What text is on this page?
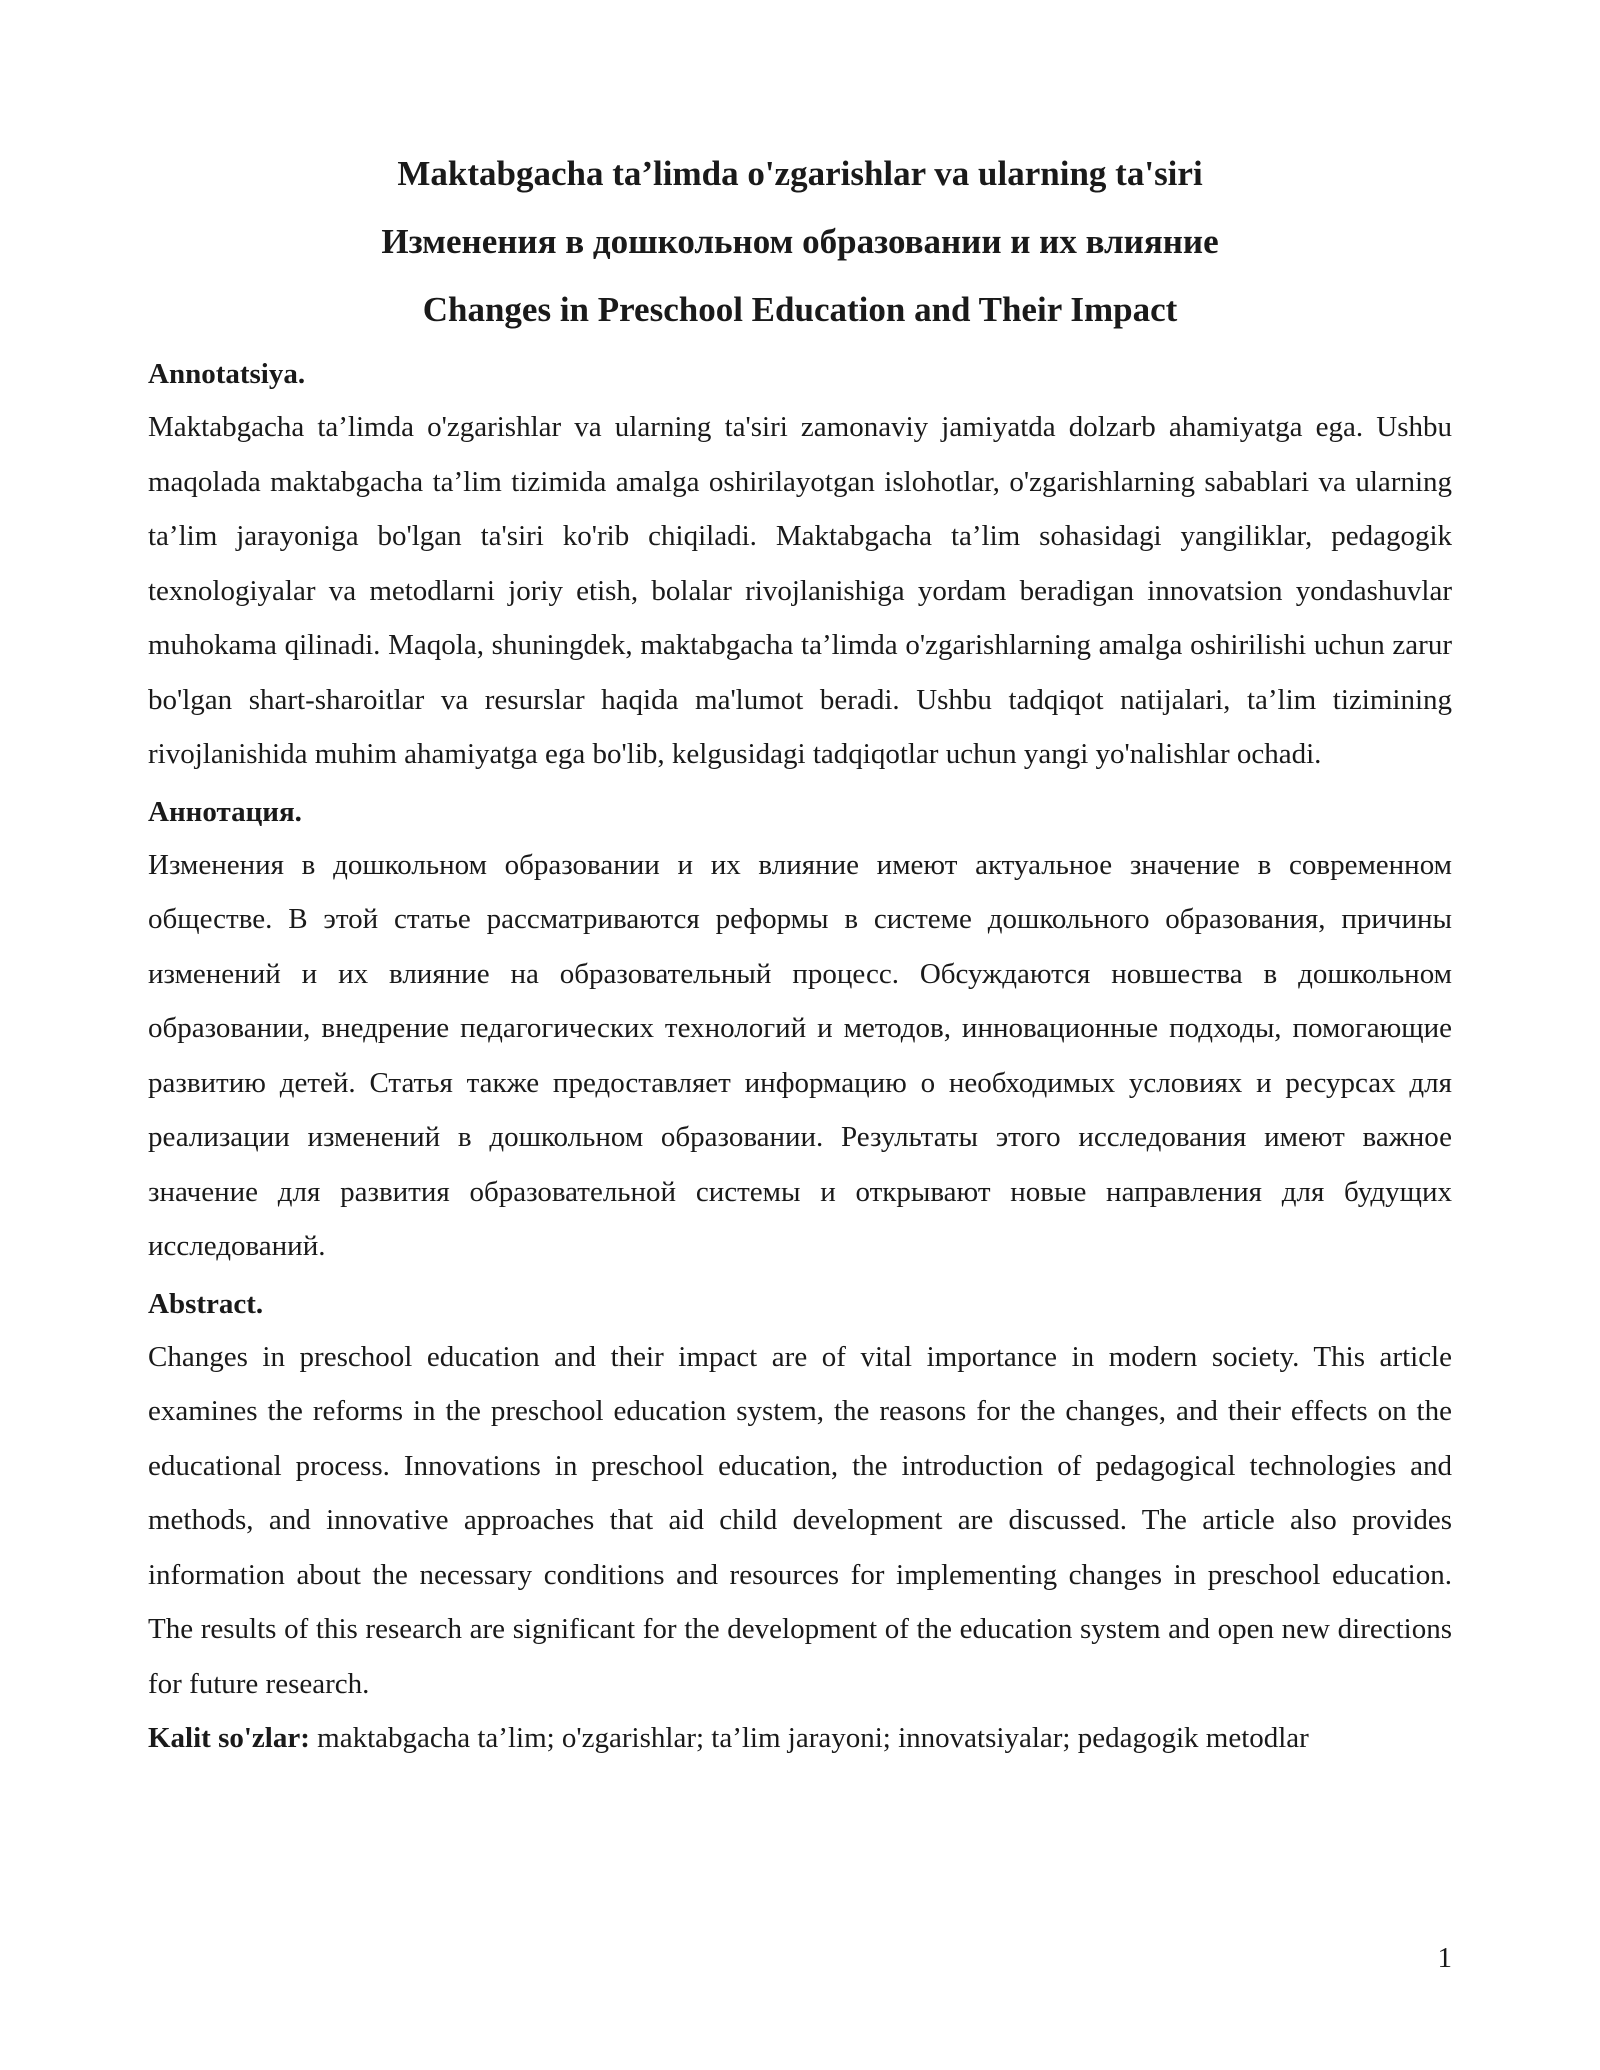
Maktabgacha ta’limda o'zgarishlar va ularning ta'siri

Изменения в дошкольном образовании и их влияние

Changes in Preschool Education and Their Impact

Annotatsiya.

Maktabgacha ta’limda o'zgarishlar va ularning ta'siri zamonaviy jamiyatda dolzarb ahamiyatga ega. Ushbu maqolada maktabgacha ta’lim tizimida amalga oshirilayotgan islohotlar, o'zgarishlarning sabablari va ularning ta’lim jarayoniga bo'lgan ta'siri ko'rib chiqiladi. Maktabgacha ta’lim sohasidagi yangiliklar, pedagogik texnologiyalar va metodlarni joriy etish, bolalar rivojlanishiga yordam beradigan innovatsion yondashuvlar muhokama qilinadi. Maqola, shuningdek, maktabgacha ta’limda o'zgarishlarning amalga oshirilishi uchun zarur bo'lgan shart-sharoitlar va resurslar haqida ma'lumot beradi. Ushbu tadqiqot natijalari, ta’lim tizimining rivojlanishida muhim ahamiyatga ega bo'lib, kelgusidagi tadqiqotlar uchun yangi yo'nalishlar ochadi.

Аннотация.

Изменения в дошкольном образовании и их влияние имеют актуальное значение в современном обществе. В этой статье рассматриваются реформы в системе дошкольного образования, причины изменений и их влияние на образовательный процесс. Обсуждаются новшества в дошкольном образовании, внедрение педагогических технологий и методов, инновационные подходы, помогающие развитию детей. Статья также предоставляет информацию о необходимых условиях и ресурсах для реализации изменений в дошкольном образовании. Результаты этого исследования имеют важное значение для развития образовательной системы и открывают новые направления для будущих исследований.

Abstract.

Changes in preschool education and their impact are of vital importance in modern society. This article examines the reforms in the preschool education system, the reasons for the changes, and their effects on the educational process. Innovations in preschool education, the introduction of pedagogical technologies and methods, and innovative approaches that aid child development are discussed. The article also provides information about the necessary conditions and resources for implementing changes in preschool education. The results of this research are significant for the development of the education system and open new directions for future research.

Kalit so'zlar: maktabgacha ta’lim; o'zgarishlar; ta’lim jarayoni; innovatsiyalar; pedagogik metodlar

1
